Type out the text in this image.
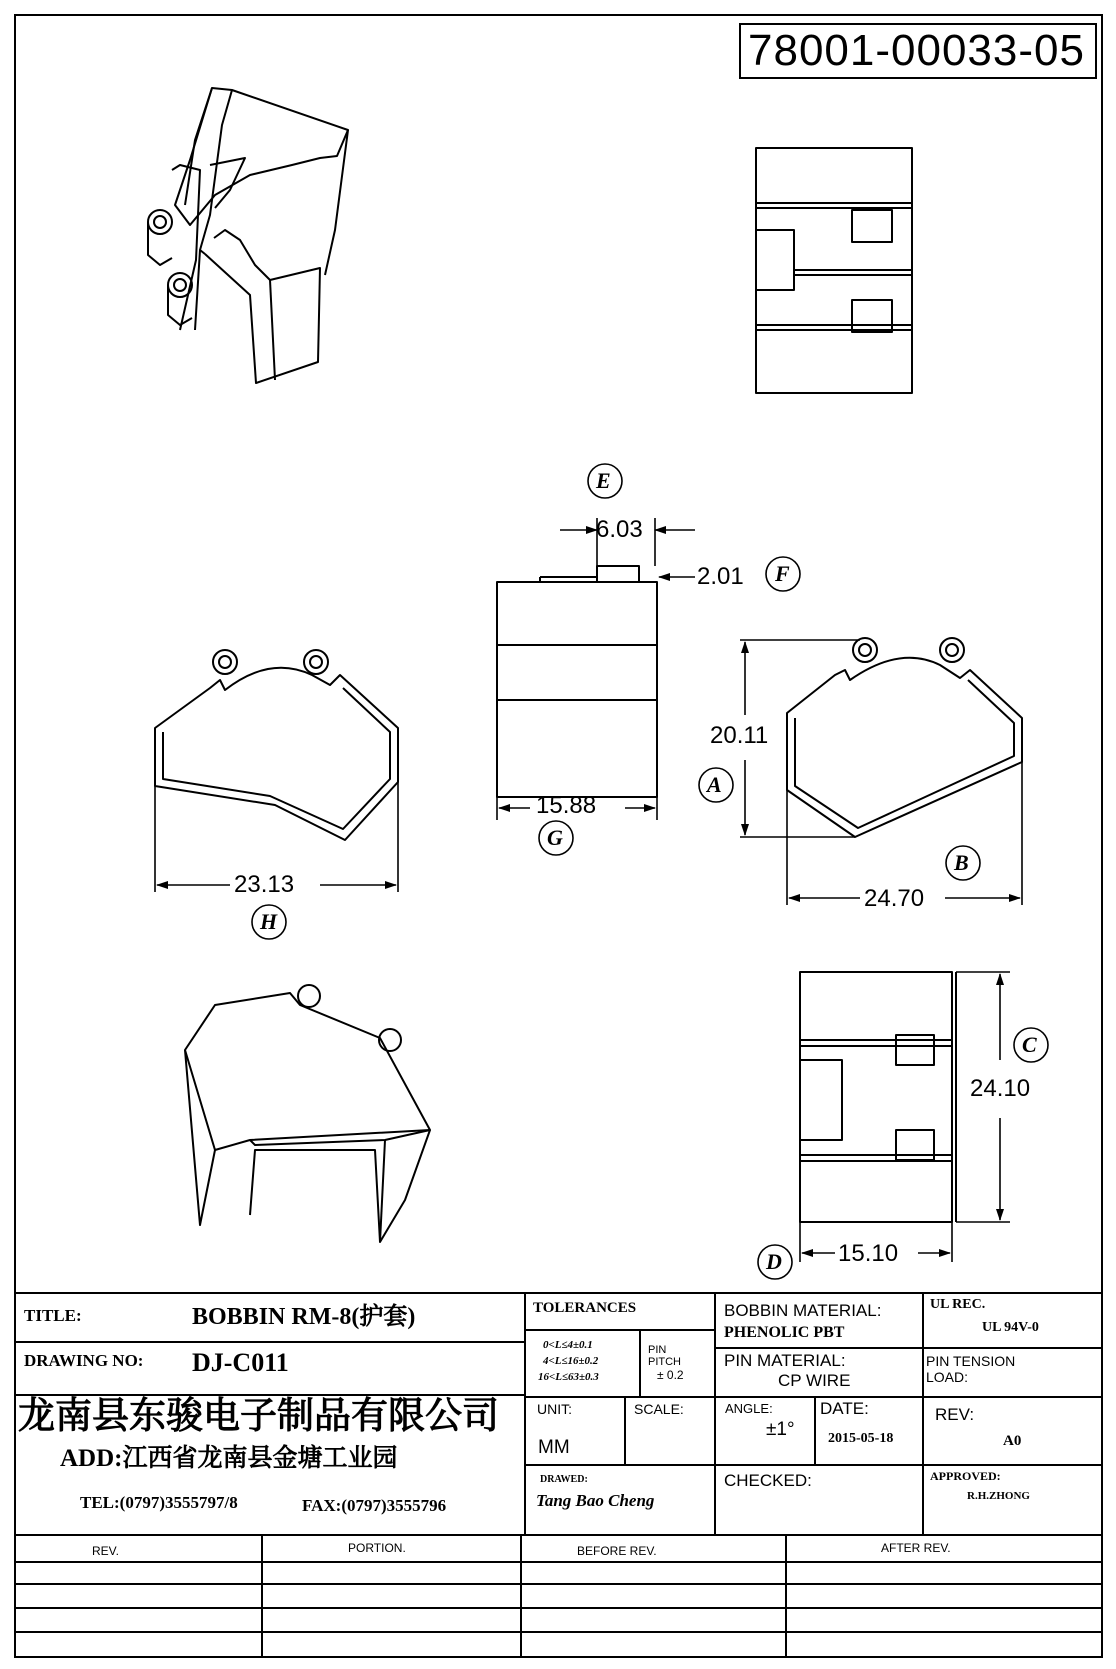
78001-00033-05
6.03
2.01
20.11
15.88
23.13
24.70
24.10
15.10
E
F
A
G
H
B
C
D
TITLE:	BOBBIN RM-8(护套)
DRAWING NO: DJ-C011
龙南县东骏电子制品有限公司
ADD:江西省龙南县金塘工业园
TEL:(0797)3555797/8	FAX:(0797)3555796
TOLERANCES
0<L≤4±0.1
4<L≤16±0.2
16<L≤63±0.3
PIN
PITCH
± 0.2
UNIT:
MM
SCALE:
DRAWED:
Tang Bao Cheng
BOBBIN MATERIAL:
PHENOLIC PBT
PIN MATERIAL:
CP WIRE
ANGLE:
±1°
DATE:
2015-05-18
CHECKED:
UL REC.
UL 94V-0
PIN TENSION
LOAD:
REV:
A0
APPROVED:
R.H.ZHONG
REV.	PORTION.	BEFORE REV.	AFTER REV.
